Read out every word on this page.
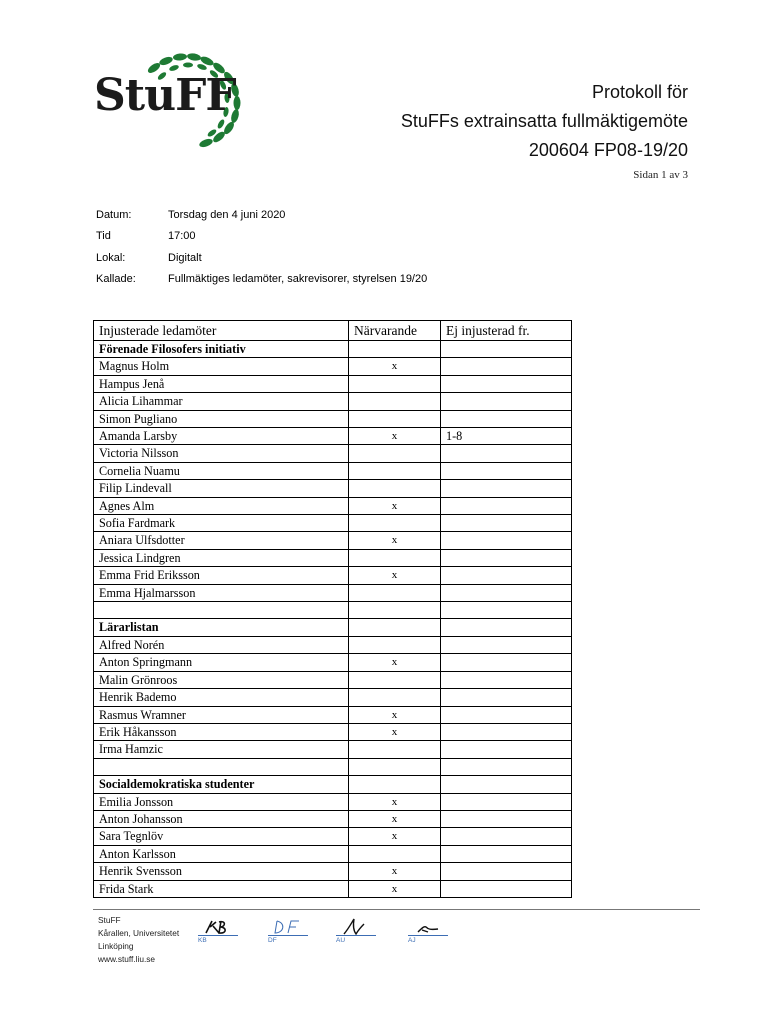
StuFF	Protokoll för
StuFFs extrainsatta fullmäktigemöte
200604 FP08-19/20
Sidan 1 av 3
Datum:	Torsdag den 4 juni 2020
Tid	17:00
Lokal:	Digitalt
Kallade:	Fullmäktiges ledamöter, sakrevisorer, styrelsen 19/20
Injusterade ledamöter	Närvarande	Ej injusterad fr.
Förenade Filosofers initiativ		
Magnus Holm	x	
Hampus Jenå		
Alicia Lihammar		
Simon Pugliano		
Amanda Larsby	x	1-8
Victoria Nilsson		
Cornelia Nuamu		
Filip Lindevall		
Agnes Alm	x	
Sofia Fardmark		
Aniara Ulfsdotter	x	
Jessica Lindgren		
Emma Frid Eriksson	x	
Emma Hjalmarsson		

Lärarlistan		
Alfred Norén		
Anton Springmann	x	
Malin Grönroos		
Henrik Bademo		
Rasmus Wramner	x	
Erik Håkansson	x	
Irma Hamzic		

Socialdemokratiska studenter		
Emilia Jonsson	x	
Anton Johansson	x	
Sara Tegnlöv	x	
Anton Karlsson		
Henrik Svensson	x	
Frida Stark	x	
StuFF
Kårallen, Universitetet
Linköping
www.stuff.liu.se
KB	DF	AU	AJ
